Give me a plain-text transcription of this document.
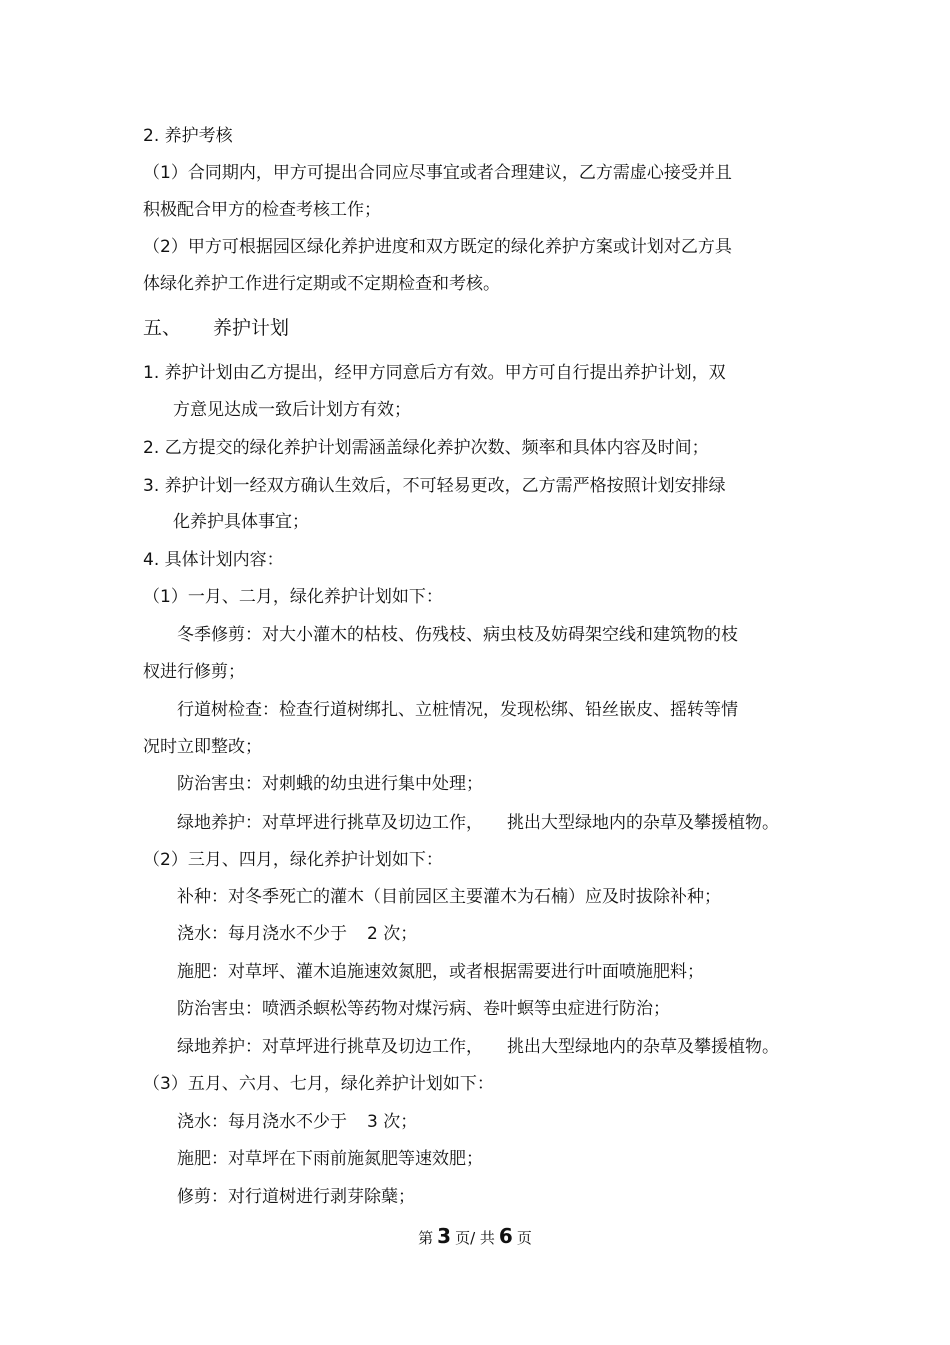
2. 养护考核
（1）合同期内，甲方可提出合同应尽事宜或者合理建议，乙方需虚心接受并且
积极配合甲方的检查考核工作；
（2）甲方可根据园区绿化养护进度和双方既定的绿化养护方案或计划对乙方具
体绿化养护工作进行定期或不定期检查和考核。
五、 养护计划
1. 养护计划由乙方提出，经甲方同意后方有效。甲方可自行提出养护计划，双
方意见达成一致后计划方有效；
2. 乙方提交的绿化养护计划需涵盖绿化养护次数、频率和具体内容及时间；
3. 养护计划一经双方确认生效后，不可轻易更改，乙方需严格按照计划安排绿
化养护具体事宜；
4. 具体计划内容：
（1）一月、二月，绿化养护计划如下：
冬季修剪：对大小灌木的枯枝、伤残枝、病虫枝及妨碍架空线和建筑物的枝
杈进行修剪；
行道树检查：检查行道树绑扎、立桩情况，发现松绑、铅丝嵌皮、摇转等情
况时立即整改；
防治害虫：对刺蛾的幼虫进行集中处理；
绿地养护：对草坪进行挑草及切边工作， 挑出大型绿地内的杂草及攀援植物。
（2）三月、四月，绿化养护计划如下：
补种：对冬季死亡的灌木（目前园区主要灌木为石楠）应及时拔除补种；
浇水：每月浇水不少于 2 次；
施肥：对草坪、灌木追施速效氮肥，或者根据需要进行叶面喷施肥料；
防治害虫：喷洒杀螟松等药物对煤污病、卷叶螟等虫症进行防治；
绿地养护：对草坪进行挑草及切边工作， 挑出大型绿地内的杂草及攀援植物。
（3）五月、六月、七月，绿化养护计划如下：
浇水：每月浇水不少于 3 次；
施肥：对草坪在下雨前施氮肥等速效肥；
修剪：对行道树进行剥芽除蘖；
第 3 页/ 共 6 页
